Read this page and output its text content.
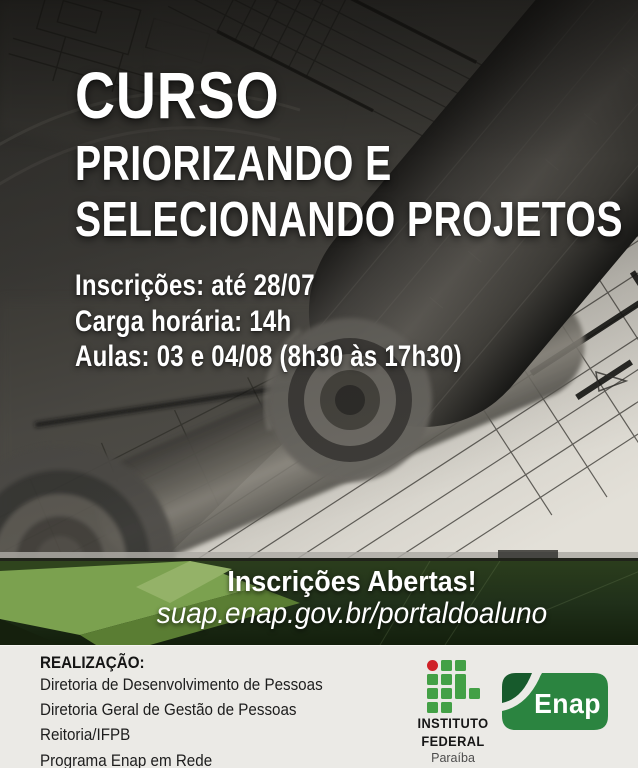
CURSO
PRIORIZANDO E
SELECIONANDO PROJETOS
Inscrições: até 28/07
Carga horária: 14h
Aulas: 03 e 04/08 (8h30 às 17h30)
Inscrições Abertas!
suap.enap.gov.br/portaldoaluno
REALIZAÇÃO:
Diretoria de Desenvolvimento de Pessoas
Diretoria Geral de Gestão de Pessoas
Reitoria/IFPB
Programa Enap em Rede
INSTITUTO
FEDERAL
Paraíba
Enap
